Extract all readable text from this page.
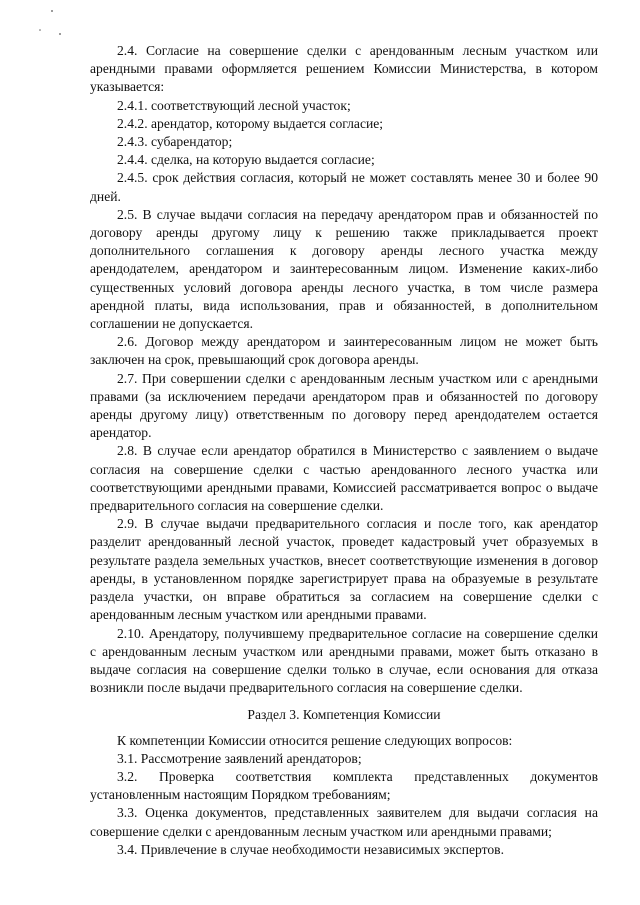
2.4. Согласие на совершение сделки с арендованным лесным участком или арендными правами оформляется решением Комиссии Министерства, в котором указывается:

2.4.1. соответствующий лесной участок;

2.4.2. арендатор, которому выдается согласие;

2.4.3. субарендатор;

2.4.4. сделка, на которую выдается согласие;

2.4.5. срок действия согласия, который не может составлять менее 30 и более 90 дней.

2.5. В случае выдачи согласия на передачу арендатором прав и обязанностей по договору аренды другому лицу к решению также прикладывается проект дополнительного соглашения к договору аренды лесного участка между арендодателем, арендатором и заинтересованным лицом. Изменение каких-либо существенных условий договора аренды лесного участка, в том числе размера арендной платы, вида использования, прав и обязанностей, в дополнительном соглашении не допускается.

2.6. Договор между арендатором и заинтересованным лицом не может быть заключен на срок, превышающий срок договора аренды.

2.7. При совершении сделки с арендованным лесным участком или с арендными правами (за исключением передачи арендатором прав и обязанностей по договору аренды другому лицу) ответственным по договору перед арендодателем остается арендатор.

2.8. В случае если арендатор обратился в Министерство с заявлением о выдаче согласия на совершение сделки с частью арендованного лесного участка или соответствующими арендными правами, Комиссией рассматривается вопрос о выдаче предварительного согласия на совершение сделки.

2.9. В случае выдачи предварительного согласия и после того, как арендатор разделит арендованный лесной участок, проведет кадастровый учет образуемых в результате раздела земельных участков, внесет соответствующие изменения в договор аренды, в установленном порядке зарегистрирует права на образуемые в результате раздела участки, он вправе обратиться за согласием на совершение сделки с арендованным лесным участком или арендными правами.

2.10. Арендатору, получившему предварительное согласие на совершение сделки с арендованным лесным участком или арендными правами, может быть отказано в выдаче согласия на совершение сделки только в случае, если основания для отказа возникли после выдачи предварительного согласия на совершение сделки.

Раздел 3. Компетенция Комиссии

К компетенции Комиссии относится решение следующих вопросов:

3.1. Рассмотрение заявлений арендаторов;

3.2. Проверка соответствия комплекта представленных документов установленным настоящим Порядком требованиям;

3.3. Оценка документов, представленных заявителем для выдачи согласия на совершение сделки с арендованным лесным участком или арендными правами;

3.4. Привлечение в случае необходимости независимых экспертов.
